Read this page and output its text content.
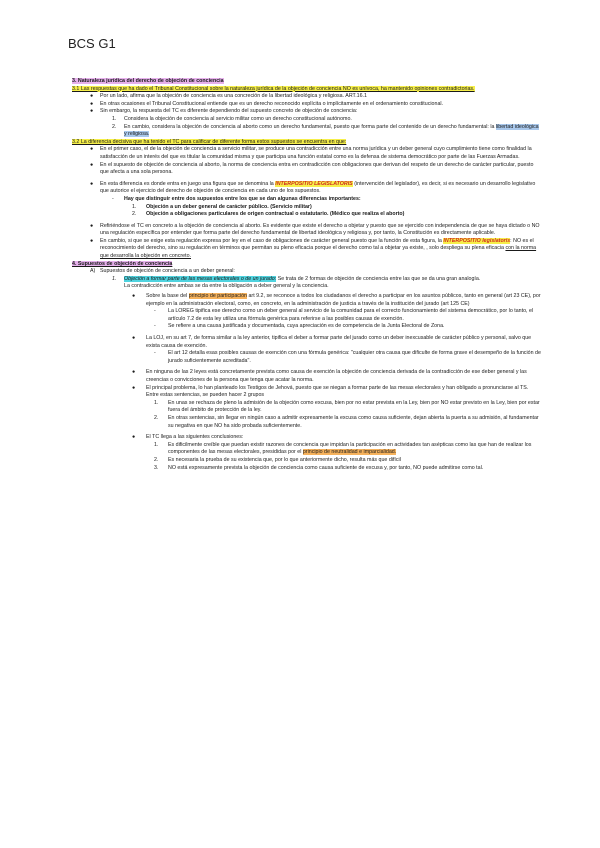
BCS G1

3. Naturaleza jurídica del derecho de objeción de conciencia

3.1 Las respuestas que ha dado el Tribunal Constitucional sobre la naturaleza jurídica de la objeción de conciencia NO es unívoca, ha mantenido opiniones contradictorias.

● Por un lado, afirma que la objeción de conciencia es una concreción de la libertad ideológica y religiosa. ART.16.1
● En otras ocasiones el Tribunal Constitucional entiende que es un derecho reconocido explícita o implícitamente en el ordenamiento constitucional.
● Sin embargo, la respuesta del TC es diferente dependiendo del supuesto concreto de objeción de conciencia:
1. Considera la objeción de conciencia al servicio militar como un derecho constitucional autónomo.
2. En cambio, considera la objeción de conciencia al aborto como un derecho fundamental, puesto que forma parte del contenido de un derecho fundamental: la libertad ideológica y religiosa.

3.2 La diferencia decisiva que ha tenido el TC para calificar de diferente forma estos supuestos se encuentra en que:

● En el primer caso, el de la objeción de conciencia a servicio militar, se produce una contradicción entre una norma jurídica y un deber general cuyo cumplimiento tiene como finalidad la satisfacción de un interés del que es titular la comunidad misma y que participa una función estatal como es la defensa de sistema democrático por parte de las Fuerzas Armadas.
● En el supuesto de objeción de conciencia al aborto, la norma de conciencia entra en contradicción con obligaciones que derivan del respeto de un derecho de carácter particular, puesto que afecta a una sola persona.
● En esta diferencia es donde entra en juego una figura que se denomina la INTERPOSITIO LEGISLATORIS (intervención del legislador), es decir, si es necesario un desarrollo legislativo que autorice el ejercicio del derecho de objeción de conciencia en cada uno de los supuestos.
- Hay que distinguir entre dos supuestos entre los que se dan algunas diferencias importantes:
1. Objeción a un deber general de carácter público. (Servicio militar)
2. Objeción a obligaciones particulares de origen contractual o estatutario. (Médico que realiza el aborto)
● Refiriéndose el TC en concreto a la objeción de conciencia al aborto. Es evidente que existe el derecho a objetar y puesto que se ejercido con independencia de que se haya dictado o NO una regulación específica por entender que forma parte del derecho fundamental de libertad ideológica y religiosa y, por tanto, la Constitución es directamente aplicable.
● En cambio, si que se exige esta regulación expresa por ley en el caso de obligaciones de carácter general puesto que la función de esta figura, la INTERPOSITIO legislatoris: NO es el reconocimiento del derecho, sino su regulación en términos que permitan su pleno eficacia porque el derecho como tal a objetar ya existe, , solo despliega su plena eficacia con la norma que desarrolla la objeción en concreto.

4. Supuestos de objeción de conciencia

A) Supuestos de objeción de conciencia a un deber general:
1. Objeción a formar parte de las mesas electorales o de un jurado: Se trata de 2 formas de objeción de conciencia entre las que se da una gran analogía.
La contradicción entre ambas se da entre la obligación a deber general y la conciencia.
● Sobre la base del principio de participación art 9.2, se reconoce a todos los ciudadanos el derecho a participar en los asuntos públicos, tanto en general (art 23 CE), por ejemplo en la administración electoral, como, en concreto, en la administración de justicia a través de la institución del jurado (art 125 CE)
- La LOREG tipifica ese derecho como un deber general al servicio de la comunidad para el correcto funcionamiento del sistema democrático, por lo tanto, el artículo 7.2 de esta ley utiliza una fórmula genérica para referirse a las posibles causas de exención.
- Se refiere a una causa justificada y documentada, cuya apreciación es de competencia de la Junta Electoral de Zona.
● La LOJ, en su art 7, de forma similar a la ley anterior, tipifica el deber a formar parte del jurado como un deber inexcusable de carácter público y personal, salvo que exista causa de exención.
- El art 12 detalla esas posibles causas de exención con una fórmula genérica: "cualquier otra causa que dificulte de forma grave el desempeño de la función de jurado suficientemente acreditada".
● En ninguna de las 2 leyes está concretamente prevista como causa de exención la objeción de conciencia derivada de la contradicción de ese deber general y las creencias o convicciones de la persona que tenga que acatar la norma.
● El principal problema, lo han planteado los Testigos de Jehová, puesto que se niegan a formar parte de las mesas electorales y han obligado a pronunciarse al TS. Entre estas sentencias, se pueden hacer 2 grupos
1. En unas se rechaza de pleno la admisión de la objeción como excusa, bien por no estar prevista en la Ley, bien por NO estar previsto en la Ley, bien por estar fuera del ámbito de protección de la ley.
2. En otras sentencias, sin llegar en ningún caso a admitir expresamente la excusa como causa suficiente, dejan abierta la puerta a su admisión, al fundamentar su negativa en que NO ha sido probada suficientemente.
● El TC llega a las siguientes conclusiones:
1. Es dificilmente creíble que puedan existir razones de conciencia que impidan la participación en actividades tan asépticas como las que han de realizar los componentes de las mesas electorales, presididas por el principio de neutralidad e imparcialidad.
2. Es necesaria la prueba de su existencia que, por lo que anteriormente dicho, resulta más que difícil
3. NO está expresamente prevista la objeción de conciencia como causa suficiente de excusa y, por tanto, NO puede admitirse como tal.
